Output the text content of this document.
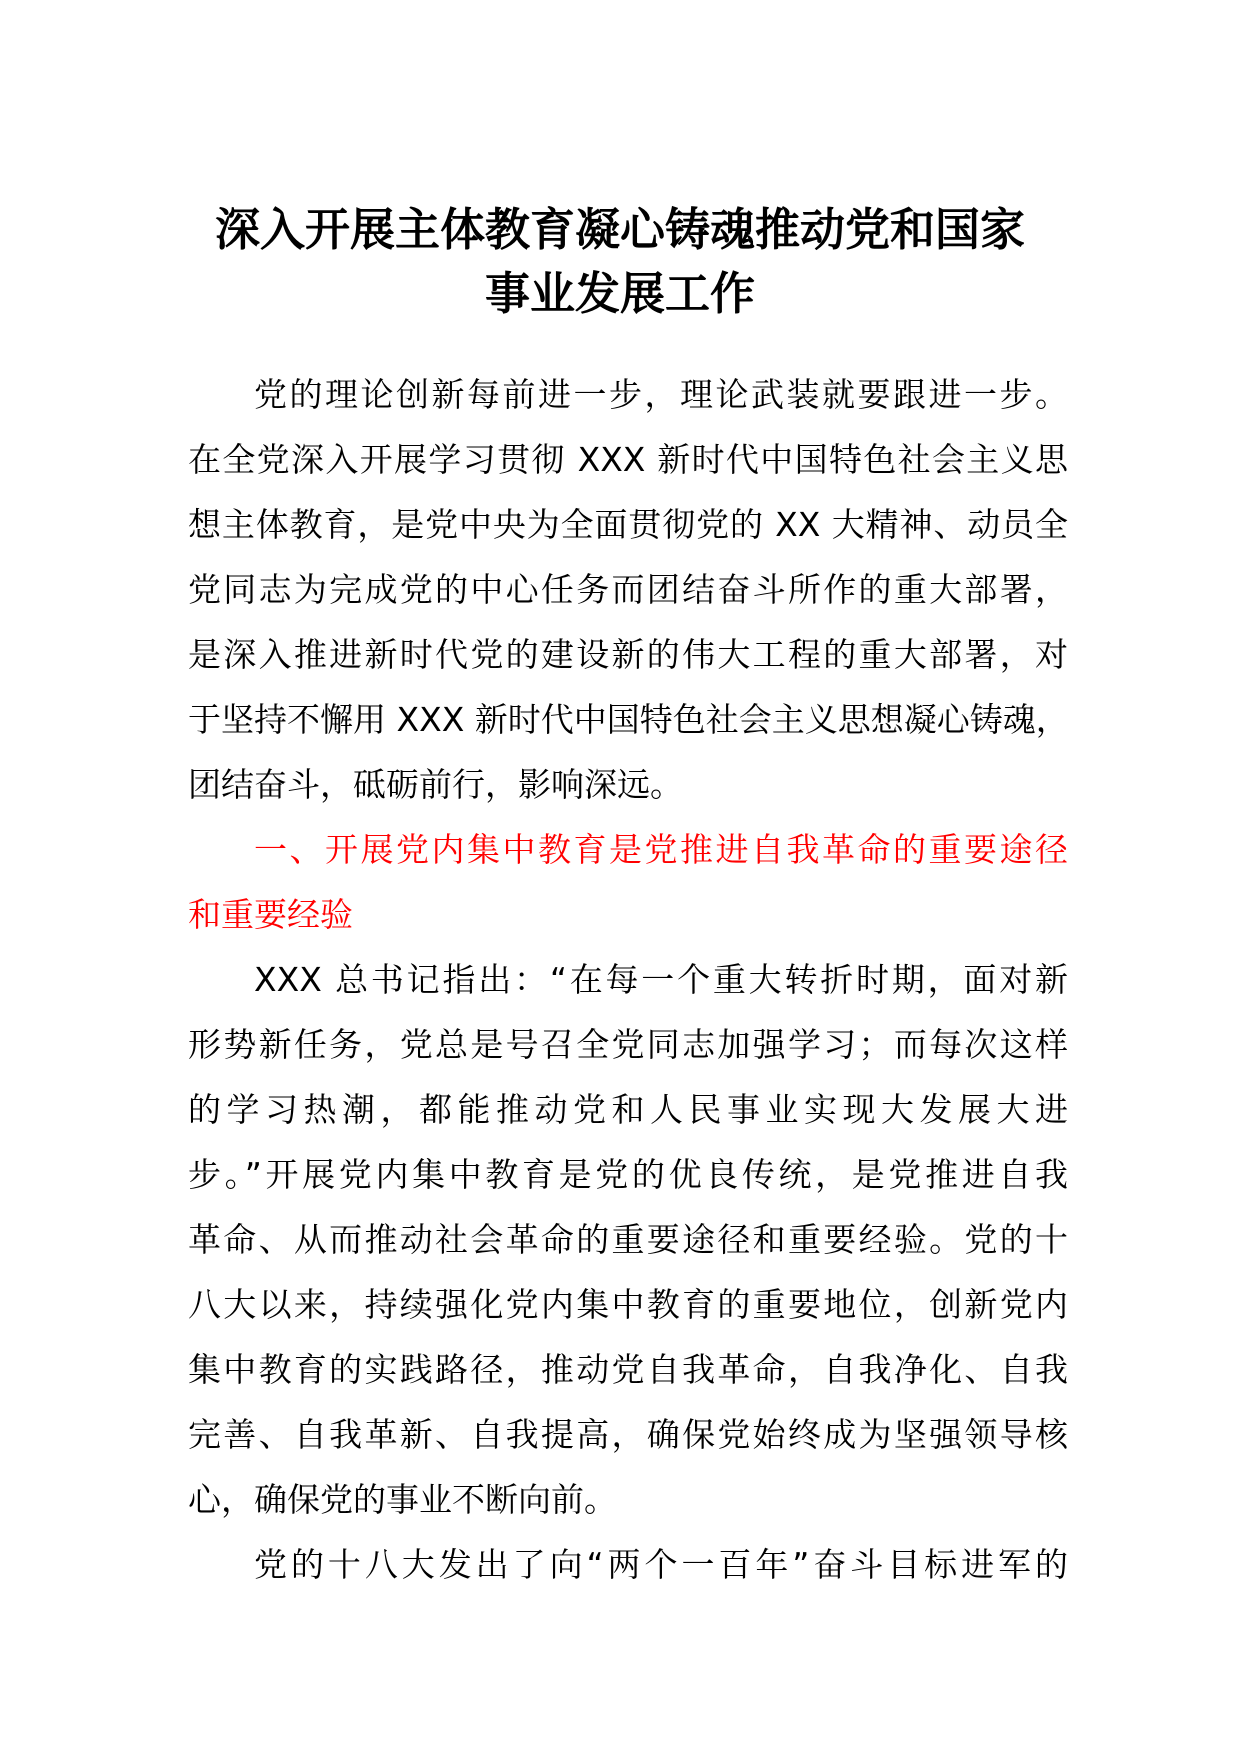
深入开展主体教育凝心铸魂推动党和国家
事业发展工作
党的理论创新每前进一步，理论武装就要跟进一步。
在全党深入开展学习贯彻 XXX 新时代中国特色社会主义思
想主体教育，是党中央为全面贯彻党的 XX 大精神、动员全
党同志为完成党的中心任务而团结奋斗所作的重大部署，
是深入推进新时代党的建设新的伟大工程的重大部署，对
于坚持不懈用 XXX 新时代中国特色社会主义思想凝心铸魂，
团结奋斗，砥砺前行，影响深远。
一、开展党内集中教育是党推进自我革命的重要途径
和重要经验
XXX 总书记指出：“在每一个重大转折时期，面对新
形势新任务，党总是号召全党同志加强学习；而每次这样
的学习热潮，都能推动党和人民事业实现大发展大进
步。”开展党内集中教育是党的优良传统，是党推进自我
革命、从而推动社会革命的重要途径和重要经验。党的十
八大以来，持续强化党内集中教育的重要地位，创新党内
集中教育的实践路径，推动党自我革命，自我净化、自我
完善、自我革新、自我提高，确保党始终成为坚强领导核
心，确保党的事业不断向前。
党的十八大发出了向“两个一百年”奋斗目标进军的
